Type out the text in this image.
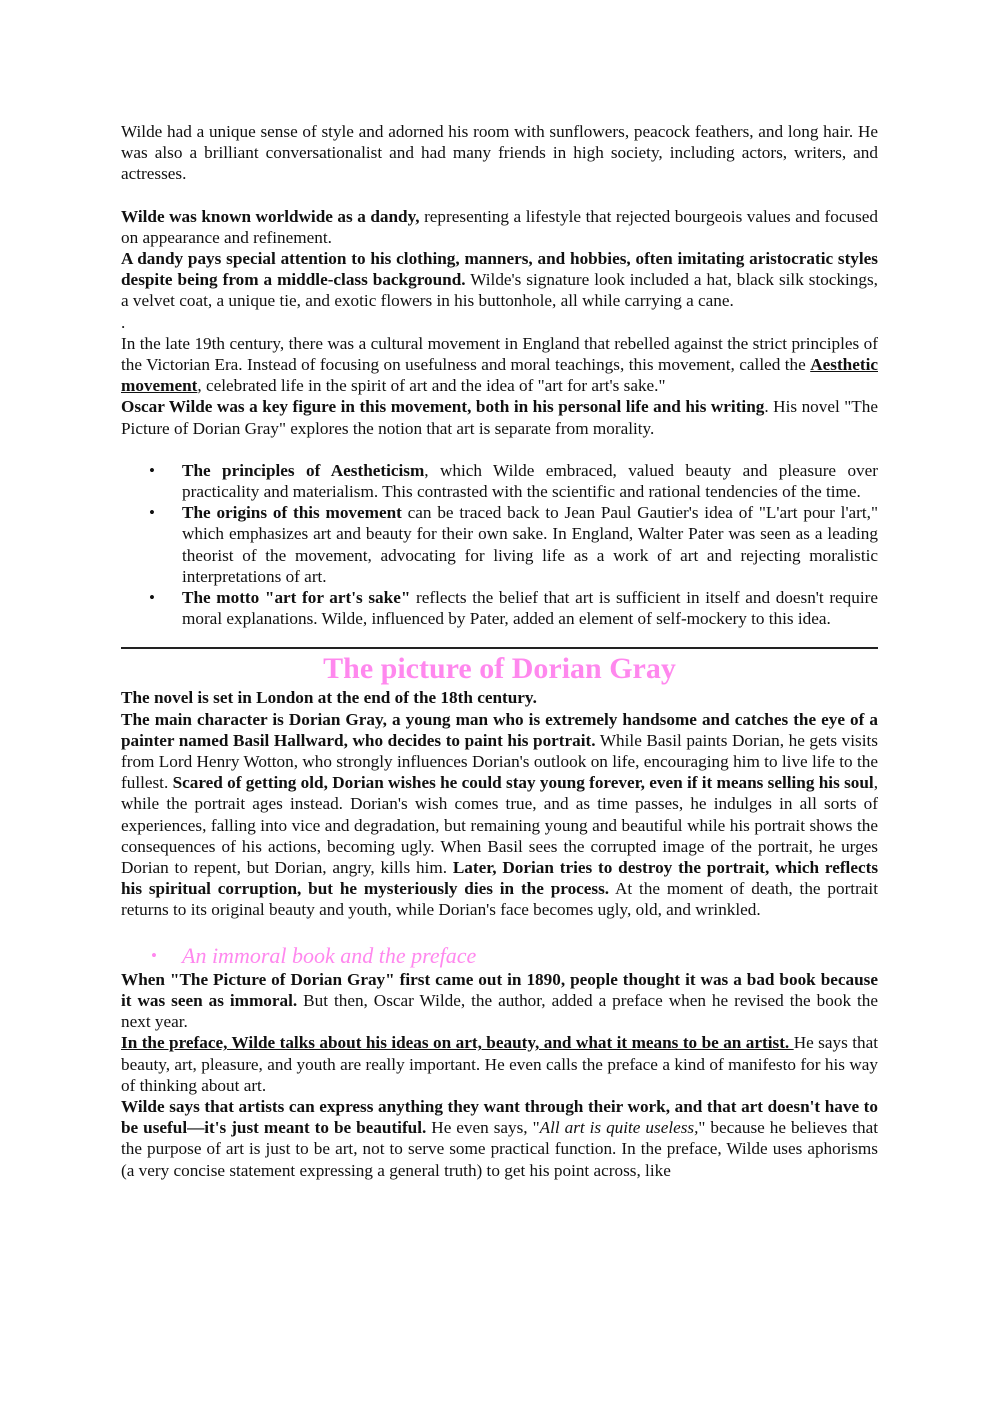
Wilde had a unique sense of style and adorned his room with sunflowers, peacock feathers, and long hair. He was also a brilliant conversationalist and had many friends in high society, including actors, writers, and actresses.

Wilde was known worldwide as a dandy, representing a lifestyle that rejected bourgeois values and focused on appearance and refinement.

A dandy pays special attention to his clothing, manners, and hobbies, often imitating aristocratic styles despite being from a middle-class background. Wilde's signature look included a hat, black silk stockings, a velvet coat, a unique tie, and exotic flowers in his buttonhole, all while carrying a cane.

.

In the late 19th century, there was a cultural movement in England that rebelled against the strict principles of the Victorian Era. Instead of focusing on usefulness and moral teachings, this movement, called the Aesthetic movement, celebrated life in the spirit of art and the idea of "art for art's sake."

Oscar Wilde was a key figure in this movement, both in his personal life and his writing. His novel "The Picture of Dorian Gray" explores the notion that art is separate from morality.

• The principles of Aestheticism, which Wilde embraced, valued beauty and pleasure over practicality and materialism. This contrasted with the scientific and rational tendencies of the time.
• The origins of this movement can be traced back to Jean Paul Gautier's idea of "L'art pour l'art," which emphasizes art and beauty for their own sake. In England, Walter Pater was seen as a leading theorist of the movement, advocating for living life as a work of art and rejecting moralistic interpretations of art.
• The motto "art for art's sake" reflects the belief that art is sufficient in itself and doesn't require moral explanations. Wilde, influenced by Pater, added an element of self-mockery to this idea.
The picture of Dorian Gray

The novel is set in London at the end of the 18th century.

The main character is Dorian Gray, a young man who is extremely handsome and catches the eye of a painter named Basil Hallward, who decides to paint his portrait. While Basil paints Dorian, he gets visits from Lord Henry Wotton, who strongly influences Dorian's outlook on life, encouraging him to live life to the fullest. Scared of getting old, Dorian wishes he could stay young forever, even if it means selling his soul, while the portrait ages instead. Dorian's wish comes true, and as time passes, he indulges in all sorts of experiences, falling into vice and degradation, but remaining young and beautiful while his portrait shows the consequences of his actions, becoming ugly. When Basil sees the corrupted image of the portrait, he urges Dorian to repent, but Dorian, angry, kills him. Later, Dorian tries to destroy the portrait, which reflects his spiritual corruption, but he mysteriously dies in the process. At the moment of death, the portrait returns to its original beauty and youth, while Dorian's face becomes ugly, old, and wrinkled.

• An immoral book and the preface

When "The Picture of Dorian Gray" first came out in 1890, people thought it was a bad book because it was seen as immoral. But then, Oscar Wilde, the author, added a preface when he revised the book the next year.

In the preface, Wilde talks about his ideas on art, beauty, and what it means to be an artist. He says that beauty, art, pleasure, and youth are really important. He even calls the preface a kind of manifesto for his way of thinking about art.

Wilde says that artists can express anything they want through their work, and that art doesn't have to be useful—it's just meant to be beautiful. He even says, "All art is quite useless," because he believes that the purpose of art is just to be art, not to serve some practical function. In the preface, Wilde uses aphorisms (a very concise statement expressing a general truth) to get his point across, like
